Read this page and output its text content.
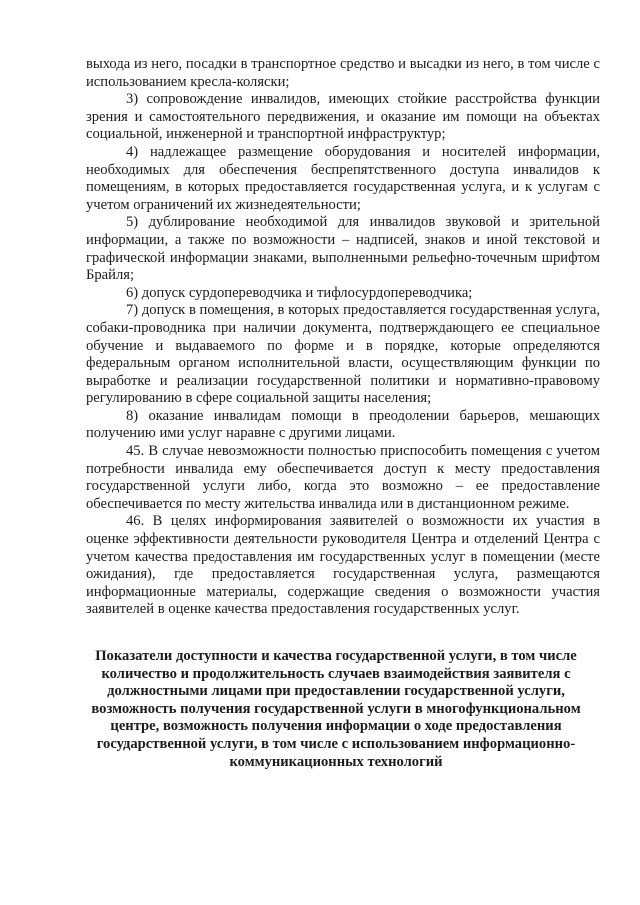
выхода из него, посадки в транспортное средство и высадки из него, в том числе с использованием кресла-коляски;

3) сопровождение инвалидов, имеющих стойкие расстройства функции зрения и самостоятельного передвижения, и оказание им помощи на объектах социальной, инженерной и транспортной инфраструктур;

4) надлежащее размещение оборудования и носителей информации, необходимых для обеспечения беспрепятственного доступа инвалидов к помещениям, в которых предоставляется государственная услуга, и к услугам с учетом ограничений их жизнедеятельности;

5) дублирование необходимой для инвалидов звуковой и зрительной информации, а также по возможности – надписей, знаков и иной текстовой и графической информации знаками, выполненными рельефно-точечным шрифтом Брайля;

6) допуск сурдопереводчика и тифлосурдопереводчика;

7) допуск в помещения, в которых предоставляется государственная услуга, собаки-проводника при наличии документа, подтверждающего ее специальное обучение и выдаваемого по форме и в порядке, которые определяются федеральным органом исполнительной власти, осуществляющим функции по выработке и реализации государственной политики и нормативно-правовому регулированию в сфере социальной защиты населения;

8) оказание инвалидам помощи в преодолении барьеров, мешающих получению ими услуг наравне с другими лицами.

45. В случае невозможности полностью приспособить помещения с учетом потребности инвалида ему обеспечивается доступ к месту предоставления государственной услуги либо, когда это возможно – ее предоставление обеспечивается по месту жительства инвалида или в дистанционном режиме.

46. В целях информирования заявителей о возможности их участия в оценке эффективности деятельности руководителя Центра и отделений Центра с учетом качества предоставления им государственных услуг в помещении (месте ожидания), где предоставляется государственная услуга, размещаются информационные материалы, содержащие сведения о возможности участия заявителей в оценке качества предоставления государственных услуг.

Показатели доступности и качества государственной услуги, в том числе количество и продолжительность случаев взаимодействия заявителя с должностными лицами при предоставлении государственной услуги, возможность получения государственной услуги в многофункциональном центре, возможность получения информации о ходе предоставления государственной услуги, в том числе с использованием информационно-коммуникационных технологий
